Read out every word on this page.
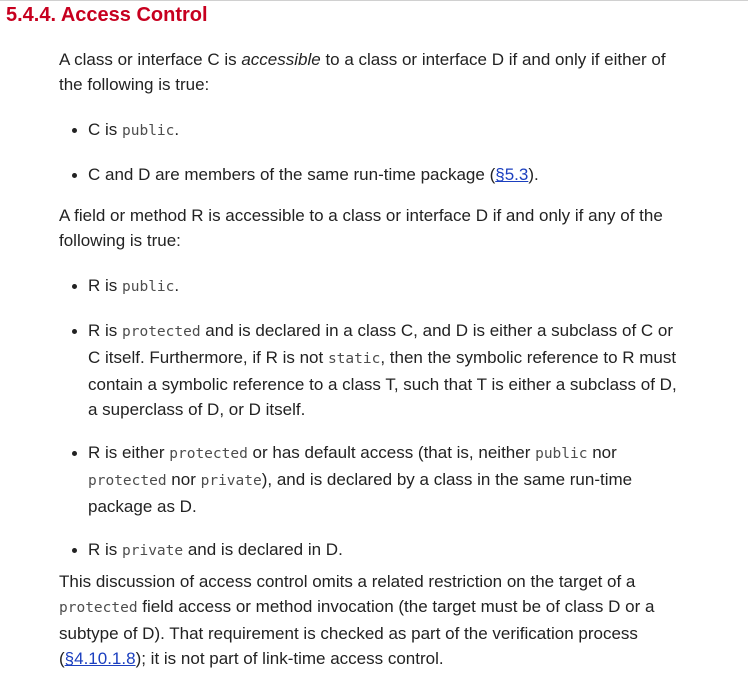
5.4.4. Access Control

A class or interface C is accessible to a class or interface D if and only if either of the following is true:

C is public.
C and D are members of the same run-time package (§5.3).

A field or method R is accessible to a class or interface D if and only if any of the following is true:

R is public.
R is protected and is declared in a class C, and D is either a subclass of C or C itself. Furthermore, if R is not static, then the symbolic reference to R must contain a symbolic reference to a class T, such that T is either a subclass of D, a superclass of D, or D itself.
R is either protected or has default access (that is, neither public nor protected nor private), and is declared by a class in the same run-time package as D.
R is private and is declared in D.

This discussion of access control omits a related restriction on the target of a protected field access or method invocation (the target must be of class D or a subtype of D). That requirement is checked as part of the verification process (§4.10.1.8); it is not part of link-time access control.
